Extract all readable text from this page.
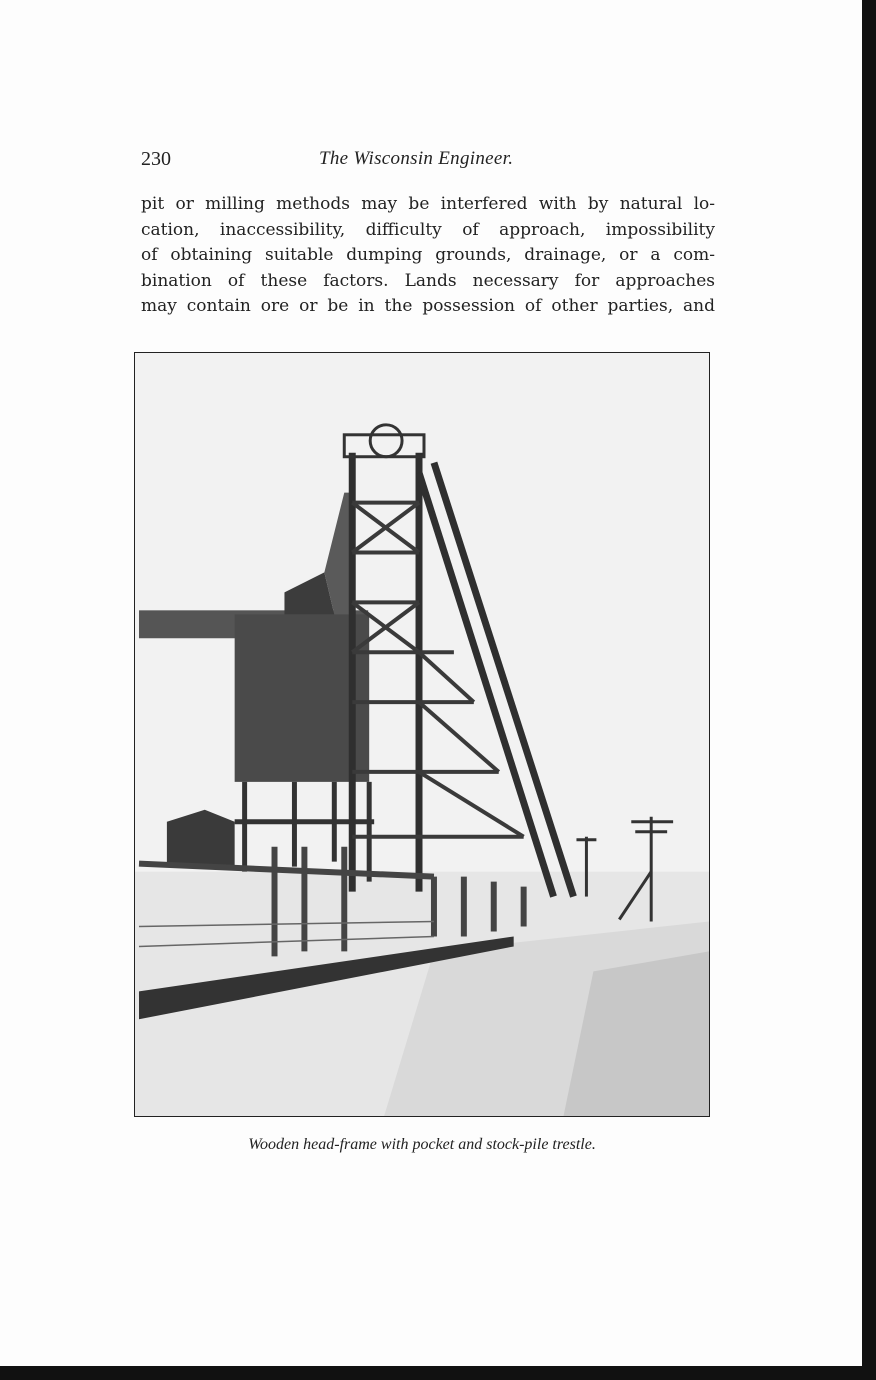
230	The Wisconsin Engineer.
pit or milling methods may be interfered with by natural lo-
cation, inaccessibility, difficulty of approach, impossibility
of obtaining suitable dumping grounds, drainage, or a com-
bination of these factors. Lands necessary for approaches
may contain ore or be in the possession of other parties, and
Wooden head-frame with pocket and stock-pile trestle.
